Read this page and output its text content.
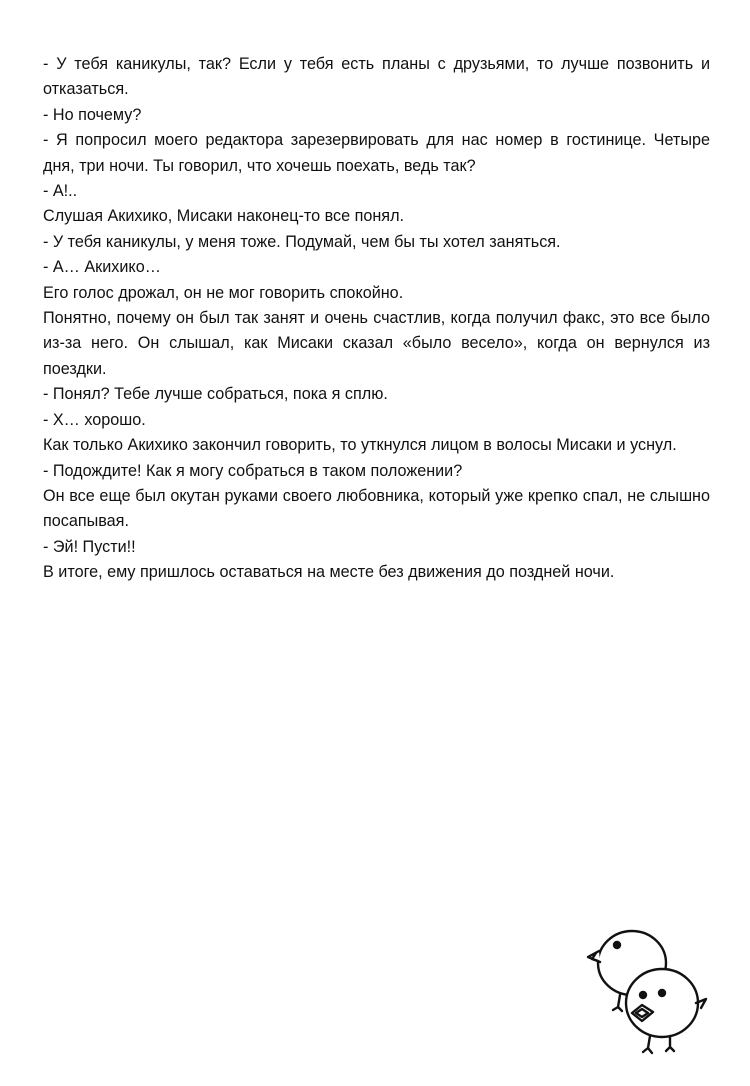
- У тебя каникулы, так? Если у тебя есть планы с друзьями, то лучше позвонить и отказаться.

- Но почему?

- Я попросил моего редактора зарезервировать для нас номер в гостинице. Четыре дня, три ночи. Ты говорил, что хочешь поехать, ведь так?

- А!..

Слушая Акихико, Мисаки наконец-то все понял.

- У тебя каникулы, у меня тоже. Подумай, чем бы ты хотел заняться.

- А… Акихико…

Его голос дрожал, он не мог говорить спокойно.

Понятно, почему он был так занят и очень счастлив, когда получил факс, это все было из-за него. Он слышал, как Мисаки сказал «было весело», когда он вернулся из поездки.

- Понял? Тебе лучше собраться, пока я сплю.

- Х… хорошо.

Как только Акихико закончил говорить, то уткнулся лицом в волосы Мисаки и уснул.

- Подождите! Как я могу собраться в таком положении?

Он все еще был окутан руками своего любовника, который уже крепко спал, не слышно посапывая.

- Эй! Пусти!!

В итоге, ему пришлось оставаться на месте без движения до поздней ночи.
